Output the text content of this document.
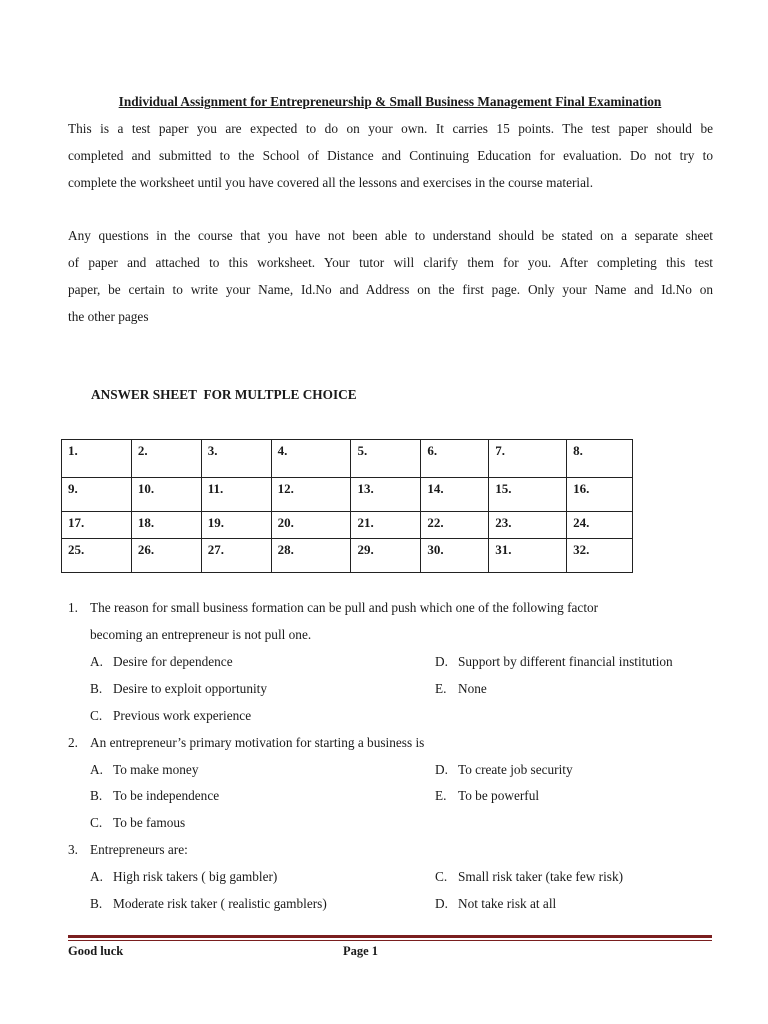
Individual Assignment for Entrepreneurship & Small Business Management Final Examination
This is a test paper you are expected to do on your own. It carries 15 points. The test paper should be
completed and submitted to the School of Distance and Continuing Education for evaluation. Do not try to
complete the worksheet until you have covered all the lessons and exercises in the course material.
Any questions in the course that you have not been able to understand should be stated on a separate sheet
of paper and attached to this worksheet. Your tutor will clarify them for you. After completing this test
paper, be certain to write your Name, Id.No and Address on the first page. Only your Name and Id.No on
the other pages
ANSWER SHEET  FOR MULTPLE CHOICE
1.	2.	3.	4.	5.	6.	7.	8.
9.	10.	11.	12.	13.	14.	15.	16.
17.	18.	19.	20.	21.	22.	23.	24.
25.	26.	27.	28.	29.	30.	31.	32.
1. The reason for small business formation can be pull and push which one of the following factor
becoming an entrepreneur is not pull one.
A. Desire for dependence
B. Desire to exploit opportunity
C. Previous work experience
D. Support by different financial institution
E. None
2. An entrepreneur’s primary motivation for starting a business is
A. To make money
B. To be independence
C. To be famous
D. To create job security
E. To be powerful
3. Entrepreneurs are:
A. High risk takers ( big gambler)
B. Moderate risk taker ( realistic gamblers)
C. Small risk taker (take few risk)
D. Not take risk at all
Good luck	Page 1
